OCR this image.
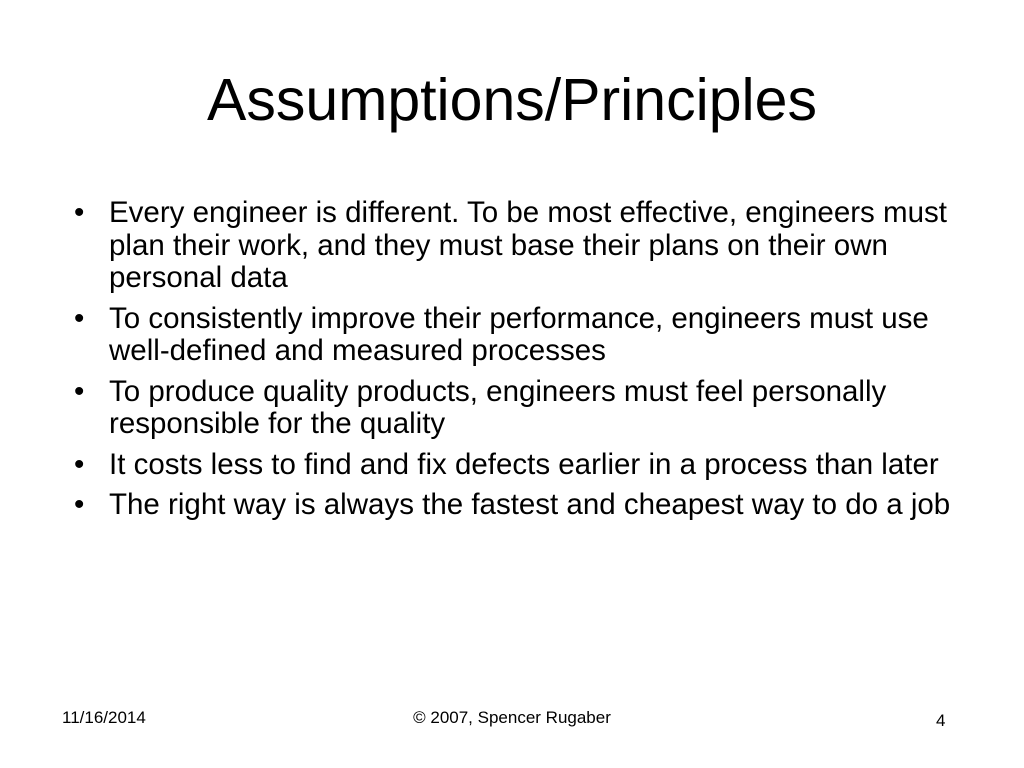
Assumptions/Principles
• Every engineer is different. To be most effective, engineers must plan their work, and they must base their plans on their own personal data
• To consistently improve their performance, engineers must use well-defined and measured processes
• To produce quality products, engineers must feel personally responsible for the quality
• It costs less to find and fix defects earlier in a process than later
• The right way is always the fastest and cheapest way to do a job
11/16/2014	© 2007, Spencer Rugaber	4
